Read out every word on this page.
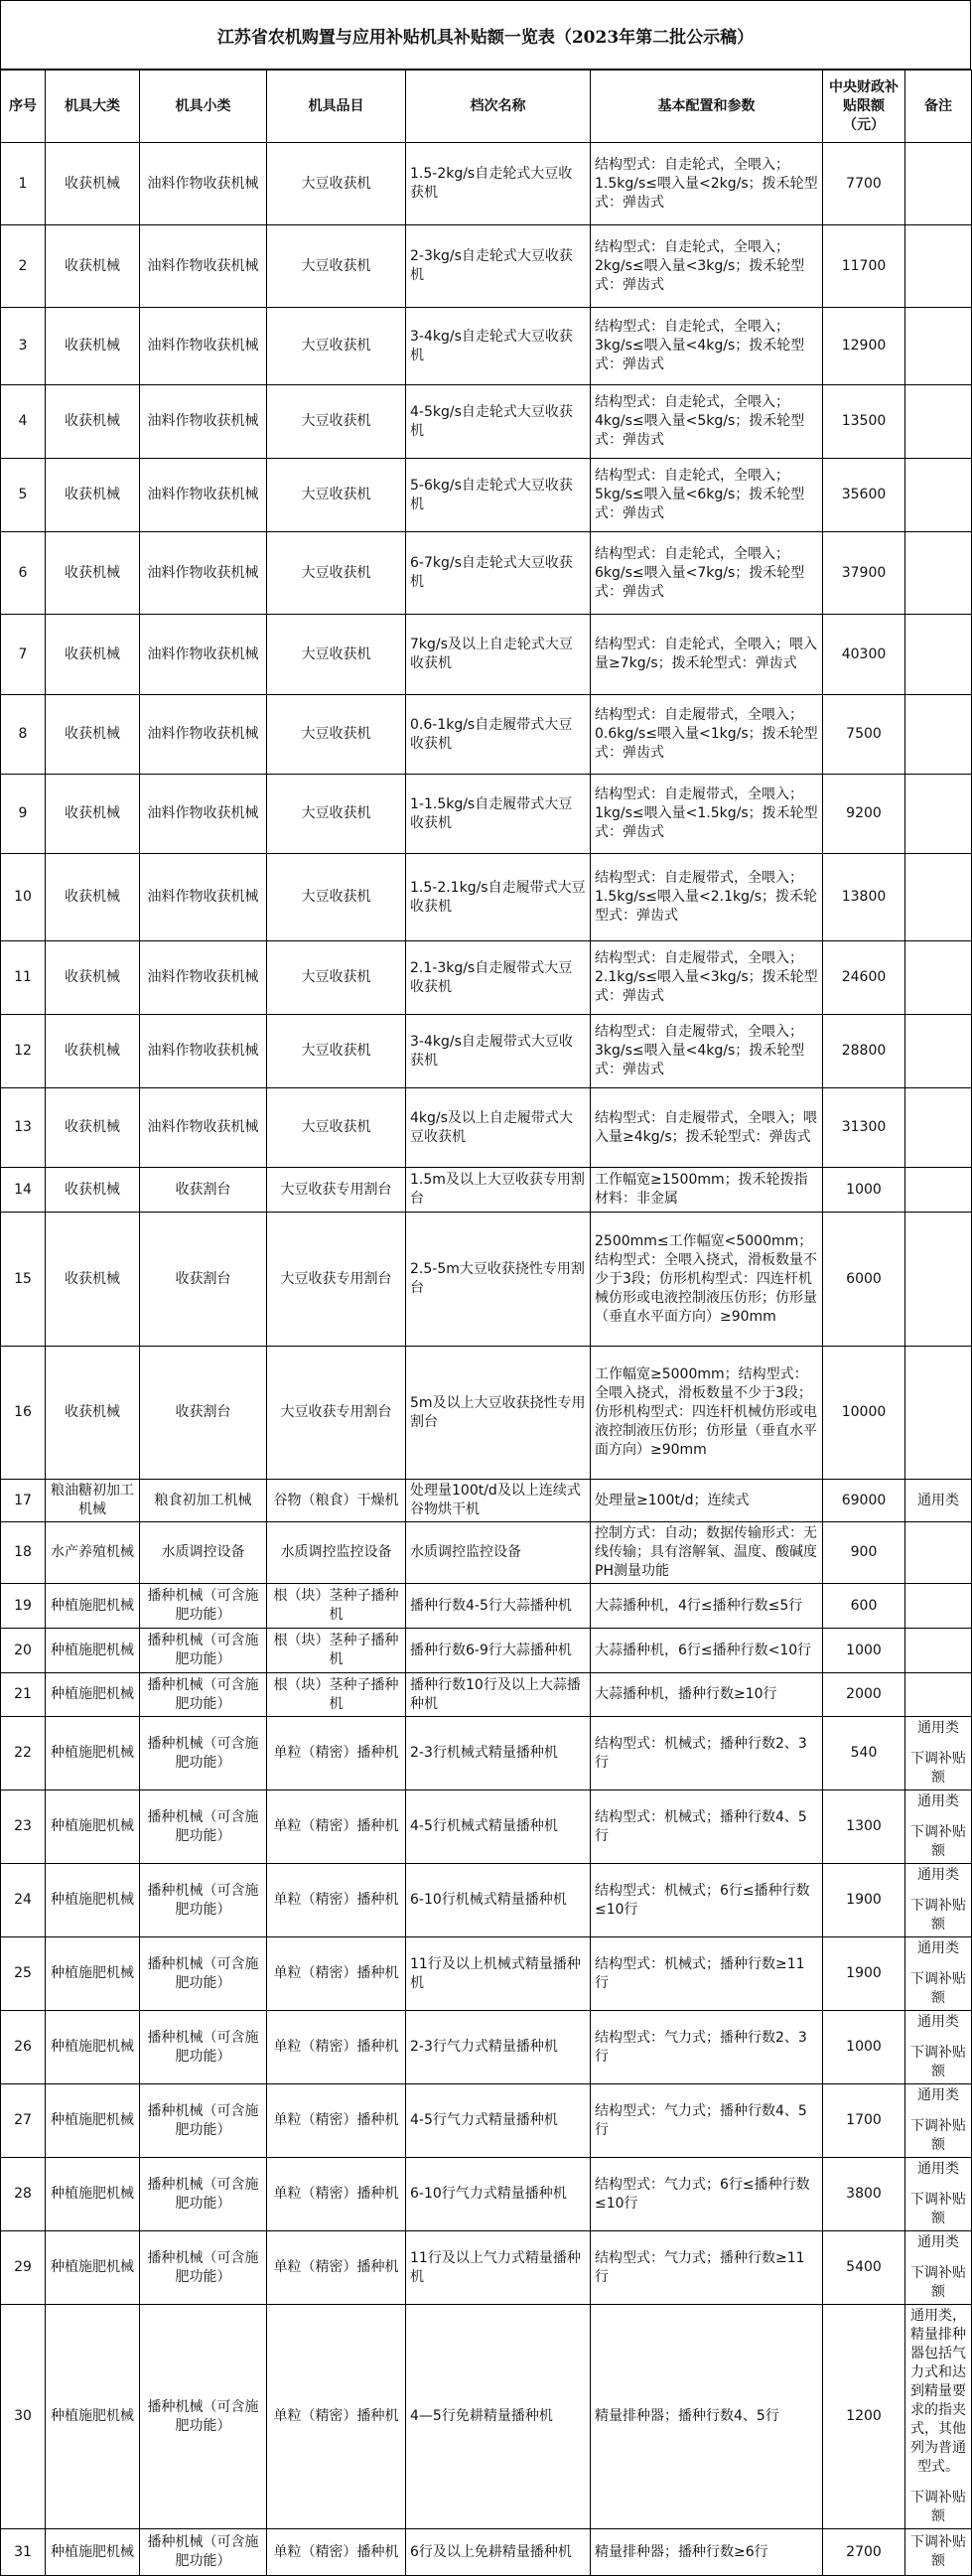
江苏省农机购置与应用补贴机具补贴额一览表（2023年第二批公示稿）
序号	机具大类	机具小类	机具品目	档次名称	基本配置和参数	中央财政补贴限额（元）	备注
1	收获机械	油料作物收获机械	大豆收获机	1.5-2kg/s自走轮式大豆收获机	结构型式：自走轮式，全喂入；1.5kg/s≤喂入量<2kg/s；拨禾轮型式：弹齿式	7700	

2	收获机械	油料作物收获机械	大豆收获机	2-3kg/s自走轮式大豆收获机	结构型式：自走轮式，全喂入；2kg/s≤喂入量<3kg/s；拨禾轮型式：弹齿式	11700	

3	收获机械	油料作物收获机械	大豆收获机	3-4kg/s自走轮式大豆收获机	结构型式：自走轮式，全喂入；3kg/s≤喂入量<4kg/s；拨禾轮型式：弹齿式	12900	

4	收获机械	油料作物收获机械	大豆收获机	4-5kg/s自走轮式大豆收获机	结构型式：自走轮式，全喂入；4kg/s≤喂入量<5kg/s；拨禾轮型式：弹齿式	13500	

5	收获机械	油料作物收获机械	大豆收获机	5-6kg/s自走轮式大豆收获机	结构型式：自走轮式，全喂入；5kg/s≤喂入量<6kg/s；拨禾轮型式：弹齿式	35600	

6	收获机械	油料作物收获机械	大豆收获机	6-7kg/s自走轮式大豆收获机	结构型式：自走轮式，全喂入；6kg/s≤喂入量<7kg/s；拨禾轮型式：弹齿式	37900	

7	收获机械	油料作物收获机械	大豆收获机	7kg/s及以上自走轮式大豆收获机	结构型式：自走轮式，全喂入；喂入量≥7kg/s；拨禾轮型式：弹齿式	40300	

8	收获机械	油料作物收获机械	大豆收获机	0.6-1kg/s自走履带式大豆收获机	结构型式：自走履带式，全喂入；0.6kg/s≤喂入量<1kg/s；拨禾轮型式：弹齿式	7500	

9	收获机械	油料作物收获机械	大豆收获机	1-1.5kg/s自走履带式大豆收获机	结构型式：自走履带式，全喂入；1kg/s≤喂入量<1.5kg/s；拨禾轮型式：弹齿式	9200	

10	收获机械	油料作物收获机械	大豆收获机	1.5-2.1kg/s自走履带式大豆收获机	结构型式：自走履带式，全喂入；1.5kg/s≤喂入量<2.1kg/s；拨禾轮型式：弹齿式	13800	

11	收获机械	油料作物收获机械	大豆收获机	2.1-3kg/s自走履带式大豆收获机	结构型式：自走履带式，全喂入；2.1kg/s≤喂入量<3kg/s；拨禾轮型式：弹齿式	24600	

12	收获机械	油料作物收获机械	大豆收获机	3-4kg/s自走履带式大豆收获机	结构型式：自走履带式，全喂入；3kg/s≤喂入量<4kg/s；拨禾轮型式：弹齿式	28800	

13	收获机械	油料作物收获机械	大豆收获机	4kg/s及以上自走履带式大豆收获机	结构型式：自走履带式，全喂入；喂入量≥4kg/s；拨禾轮型式：弹齿式	31300	

14	收获机械	收获割台	大豆收获专用割台	1.5m及以上大豆收获专用割台	工作幅宽≥1500mm；拨禾轮拨指材料：非金属	1000	

15	收获机械	收获割台	大豆收获专用割台	2.5-5m大豆收获挠性专用割台	2500mm≤工作幅宽<5000mm；结构型式：全喂入挠式，滑板数量不少于3段；仿形机构型式：四连杆机械仿形或电液控制液压仿形；仿形量（垂直水平面方向）≥90mm	6000	

16	收获机械	收获割台	大豆收获专用割台	5m及以上大豆收获挠性专用割台	工作幅宽≥5000mm；结构型式：全喂入挠式，滑板数量不少于3段；仿形机构型式：四连杆机械仿形或电液控制液压仿形；仿形量（垂直水平面方向）≥90mm	10000	

17	粮油糖初加工机械	粮食初加工机械	谷物（粮食）干燥机	处理量100t/d及以上连续式谷物烘干机	处理量≥100t/d；连续式	69000	通用类

18	水产养殖机械	水质调控设备	水质调控监控设备	水质调控监控设备	控制方式：自动；数据传输形式：无线传输；具有溶解氧、温度、酸碱度PH测量功能	900	

19	种植施肥机械	播种机械（可含施肥功能）	根（块）茎种子播种机	播种行数4-5行大蒜播种机	大蒜播种机，4行≤播种行数≤5行	600	

20	种植施肥机械	播种机械（可含施肥功能）	根（块）茎种子播种机	播种行数6-9行大蒜播种机	大蒜播种机，6行≤播种行数<10行	1000	

21	种植施肥机械	播种机械（可含施肥功能）	根（块）茎种子播种机	播种行数10行及以上大蒜播种机	大蒜播种机，播种行数≥10行	2000	

22	种植施肥机械	播种机械（可含施肥功能）	单粒（精密）播种机	2-3行机械式精量播种机	结构型式：机械式；播种行数2、3行	540	通用类
下调补贴额

23	种植施肥机械	播种机械（可含施肥功能）	单粒（精密）播种机	4-5行机械式精量播种机	结构型式：机械式；播种行数4、5行	1300	通用类
下调补贴额

24	种植施肥机械	播种机械（可含施肥功能）	单粒（精密）播种机	6-10行机械式精量播种机	结构型式：机械式；6行≤播种行数≤10行	1900	通用类
下调补贴额

25	种植施肥机械	播种机械（可含施肥功能）	单粒（精密）播种机	11行及以上机械式精量播种机	结构型式：机械式；播种行数≥11行	1900	通用类
下调补贴额

26	种植施肥机械	播种机械（可含施肥功能）	单粒（精密）播种机	2-3行气力式精量播种机	结构型式：气力式；播种行数2、3行	1000	通用类
下调补贴额

27	种植施肥机械	播种机械（可含施肥功能）	单粒（精密）播种机	4-5行气力式精量播种机	结构型式：气力式；播种行数4、5行	1700	通用类
下调补贴额

28	种植施肥机械	播种机械（可含施肥功能）	单粒（精密）播种机	6-10行气力式精量播种机	结构型式：气力式；6行≤播种行数≤10行	3800	通用类
下调补贴额

29	种植施肥机械	播种机械（可含施肥功能）	单粒（精密）播种机	11行及以上气力式精量播种机	结构型式：气力式；播种行数≥11行	5400	通用类
下调补贴额

30	种植施肥机械	播种机械（可含施肥功能）	单粒（精密）播种机	4—5行免耕精量播种机	精量排种器；播种行数4、5行	1200	通用类，精量排种器包括气力式和达到精量要求的指夹式，其他列为普通型式。
下调补贴额

31	种植施肥机械	播种机械（可含施肥功能）	单粒（精密）播种机	6行及以上免耕精量播种机	精量排种器；播种行数≥6行	2700	下调补贴额
